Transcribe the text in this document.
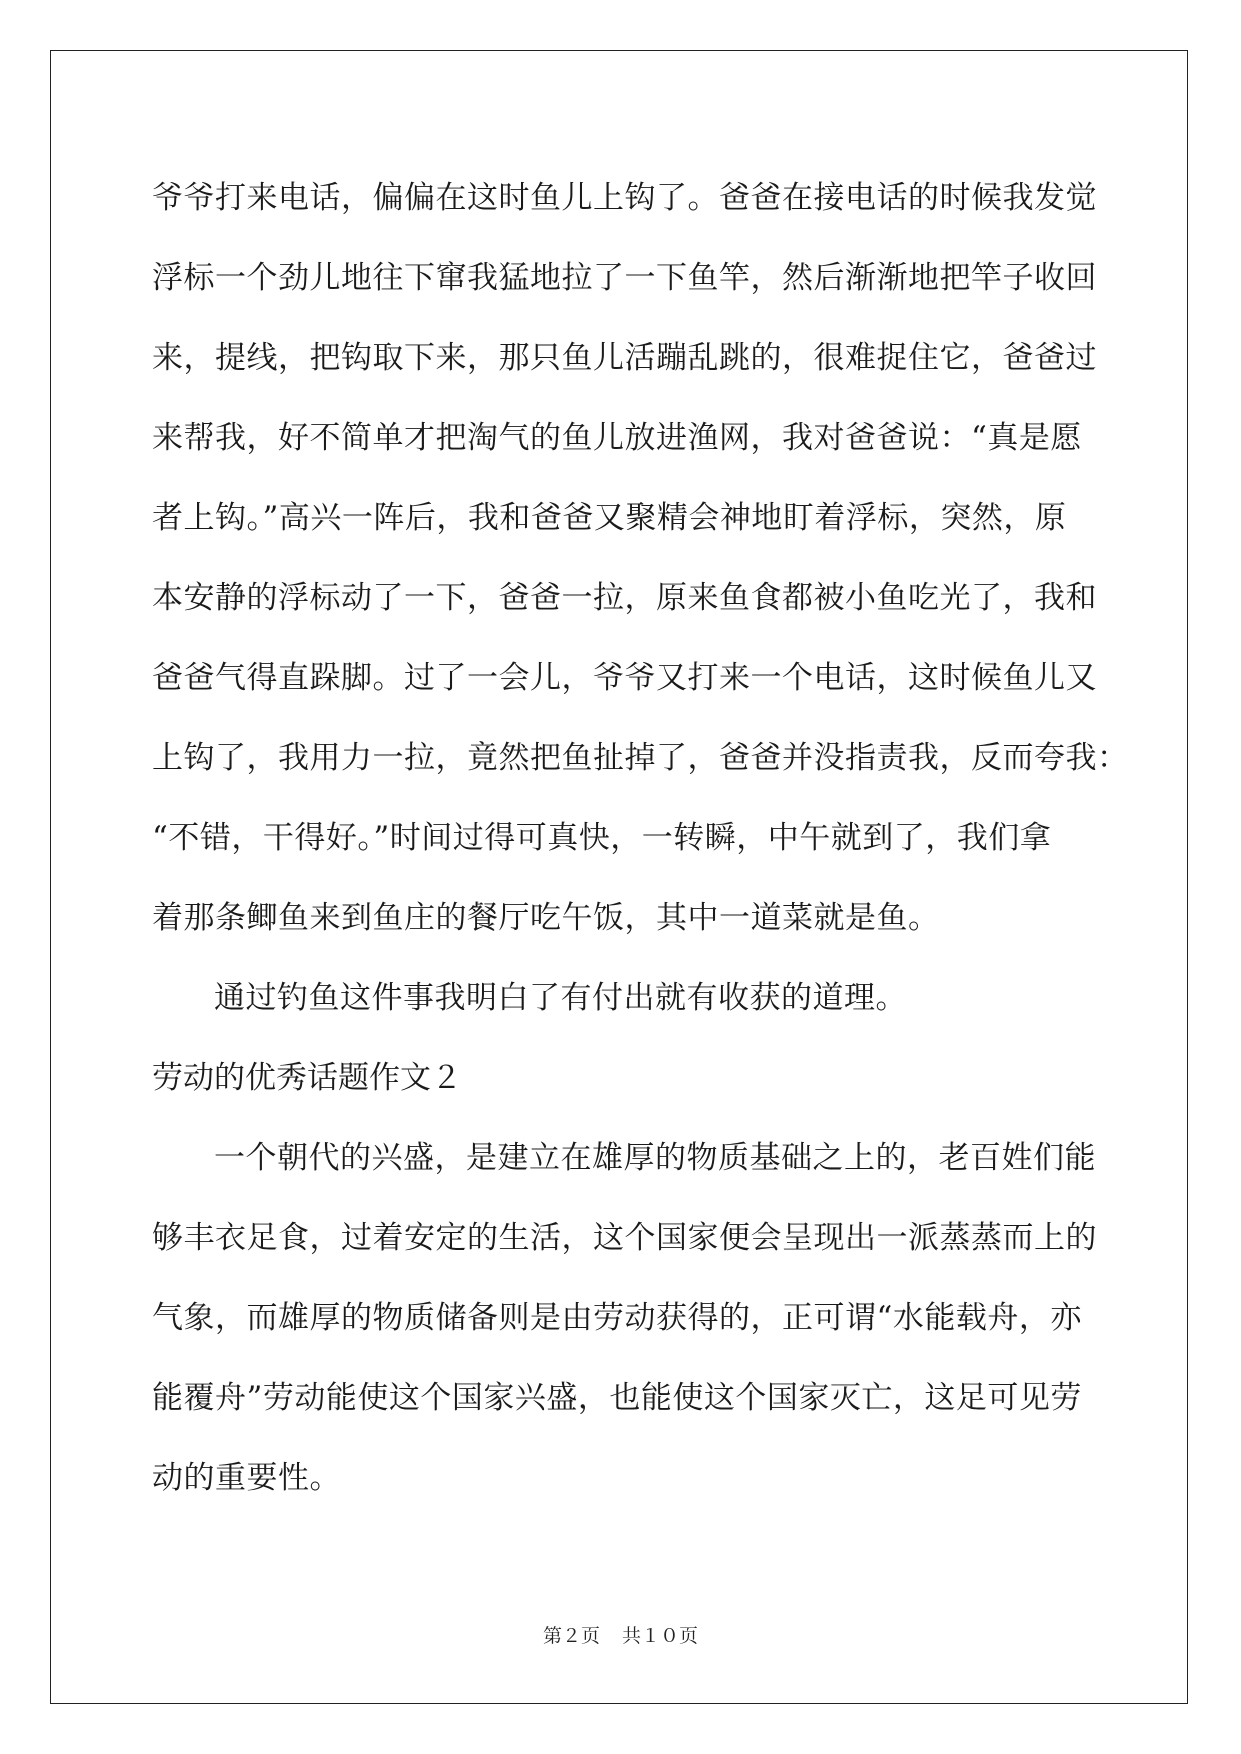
爷爷打来电话，偏偏在这时鱼儿上钩了。爸爸在接电话的时候我发觉
浮标一个劲儿地往下窜我猛地拉了一下鱼竿，然后渐渐地把竿子收回
来，提线，把钩取下来，那只鱼儿活蹦乱跳的，很难捉住它，爸爸过
来帮我，好不简单才把淘气的鱼儿放进渔网，我对爸爸说：“真是愿
者上钩。”高兴一阵后，我和爸爸又聚精会神地盯着浮标，突然，原
本安静的浮标动了一下，爸爸一拉，原来鱼食都被小鱼吃光了，我和
爸爸气得直跺脚。过了一会儿，爷爷又打来一个电话，这时候鱼儿又
上钩了，我用力一拉，竟然把鱼扯掉了，爸爸并没指责我，反而夸我：
“不错，干得好。”时间过得可真快，一转瞬，中午就到了，我们拿
着那条鲫鱼来到鱼庄的餐厅吃午饭，其中一道菜就是鱼。
通过钓鱼这件事我明白了有付出就有收获的道理。
劳动的优秀话题作文２
一个朝代的兴盛，是建立在雄厚的物质基础之上的，老百姓们能
够丰衣足食，过着安定的生活，这个国家便会呈现出一派蒸蒸而上的
气象，而雄厚的物质储备则是由劳动获得的，正可谓“水能载舟，亦
能覆舟”劳动能使这个国家兴盛，也能使这个国家灭亡，这足可见劳
动的重要性。
第２页 共１０页
